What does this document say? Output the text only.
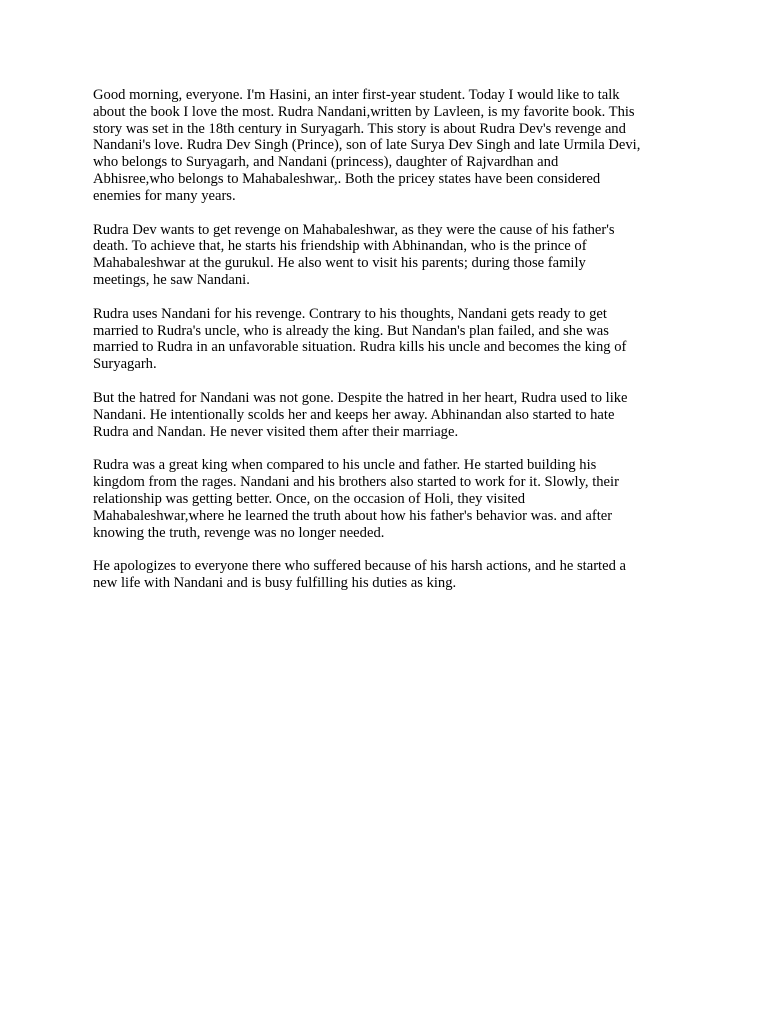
Good morning, everyone. I'm Hasini, an inter first-year student. Today I would like to talk
about the book I love the most. Rudra Nandani,written by Lavleen, is my favorite book. This
story was set in the 18th century in Suryagarh. This story is about Rudra Dev's revenge and
Nandani's love. Rudra Dev Singh (Prince), son of late Surya Dev Singh and late Urmila Devi,
who belongs to Suryagarh, and Nandani (princess), daughter of Rajvardhan and
Abhisree,who belongs to Mahabaleshwar,. Both the pricey states have been considered
enemies for many years.

Rudra Dev wants to get revenge on Mahabaleshwar, as they were the cause of his father's
death. To achieve that, he starts his friendship with Abhinandan, who is the prince of
Mahabaleshwar at the gurukul. He also went to visit his parents; during those family
meetings, he saw Nandani.

Rudra uses Nandani for his revenge. Contrary to his thoughts, Nandani gets ready to get
married to Rudra's uncle, who is already the king. But Nandan's plan failed, and she was
married to Rudra in an unfavorable situation. Rudra kills his uncle and becomes the king of
Suryagarh.

But the hatred for Nandani was not gone. Despite the hatred in her heart, Rudra used to like
Nandani. He intentionally scolds her and keeps her away. Abhinandan also started to hate
Rudra and Nandan. He never visited them after their marriage.

Rudra was a great king when compared to his uncle and father. He started building his
kingdom from the rages. Nandani and his brothers also started to work for it. Slowly, their
relationship was getting better. Once, on the occasion of Holi, they visited
Mahabaleshwar,where he learned the truth about how his father's behavior was. and after
knowing the truth, revenge was no longer needed.

He apologizes to everyone there who suffered because of his harsh actions, and he started a
new life with Nandani and is busy fulfilling his duties as king.
